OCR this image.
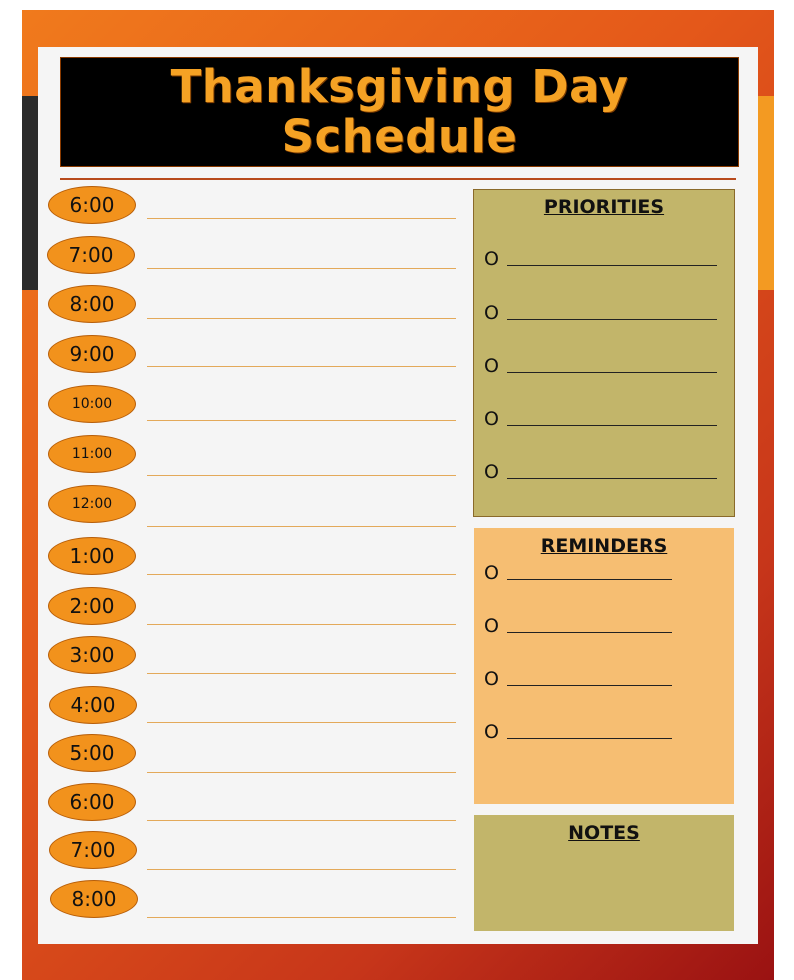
Thanksgiving Day
Schedule
6:00
7:00
8:00
9:00
10:00
11:00
12:00
1:00
2:00
3:00
4:00
5:00
6:00
7:00
8:00
PRIORITIES
O
O
O
O
O
REMINDERS
O
O
O
O
NOTES
